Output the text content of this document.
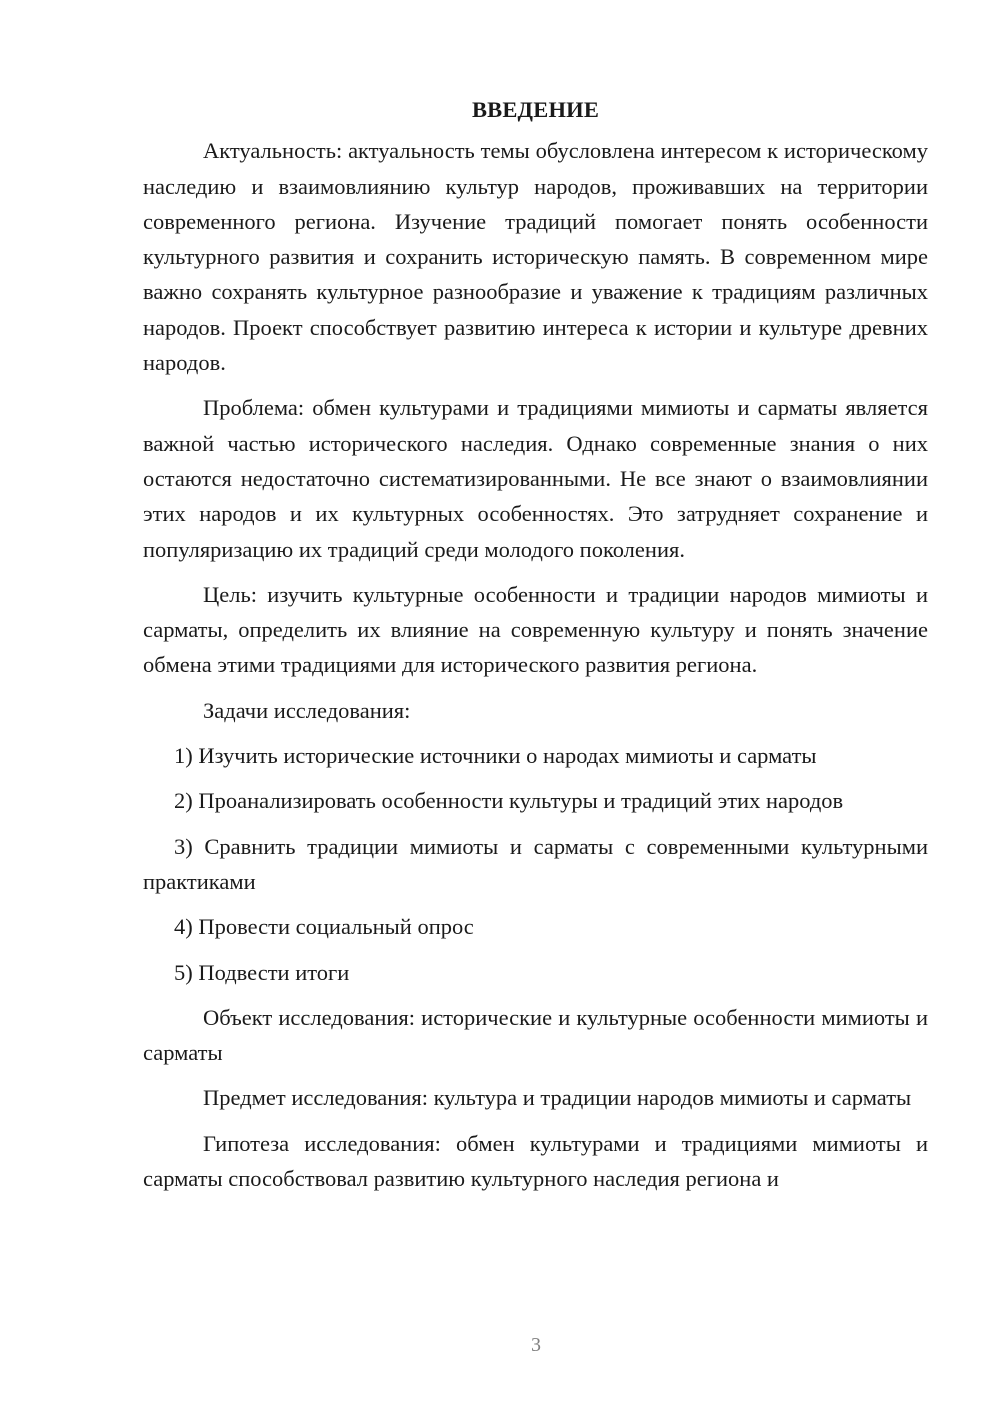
ВВЕДЕНИЕ

Актуальность: актуальность темы обусловлена интересом к историческому наследию и взаимовлиянию культур народов, проживавших на территории современного региона. Изучение традиций помогает понять особенности культурного развития и сохранить историческую память. В современном мире важно сохранять культурное разнообразие и уважение к традициям различных народов. Проект способствует развитию интереса к истории и культуре древних народов.

Проблема: обмен культурами и традициями мимиоты и сарматы является важной частью исторического наследия. Однако современные знания о них остаются недостаточно систематизированными. Не все знают о взаимовлиянии этих народов и их культурных особенностях. Это затрудняет сохранение и популяризацию их традиций среди молодого поколения.

Цель: изучить культурные особенности и традиции народов мимиоты и сарматы, определить их влияние на современную культуру и понять значение обмена этими традициями для исторического развития региона.

Задачи исследования:

1) Изучить исторические источники о народах мимиоты и сарматы

2) Проанализировать особенности культуры и традиций этих народов

3) Сравнить традиции мимиоты и сарматы с современными культурными практиками

4) Провести социальный опрос

5) Подвести итоги

Объект исследования: исторические и культурные особенности мимиоты и сарматы

Предмет исследования: культура и традиции народов мимиоты и сарматы

Гипотеза исследования: обмен культурами и традициями мимиоты и сарматы способствовал развитию культурного наследия региона и

3
